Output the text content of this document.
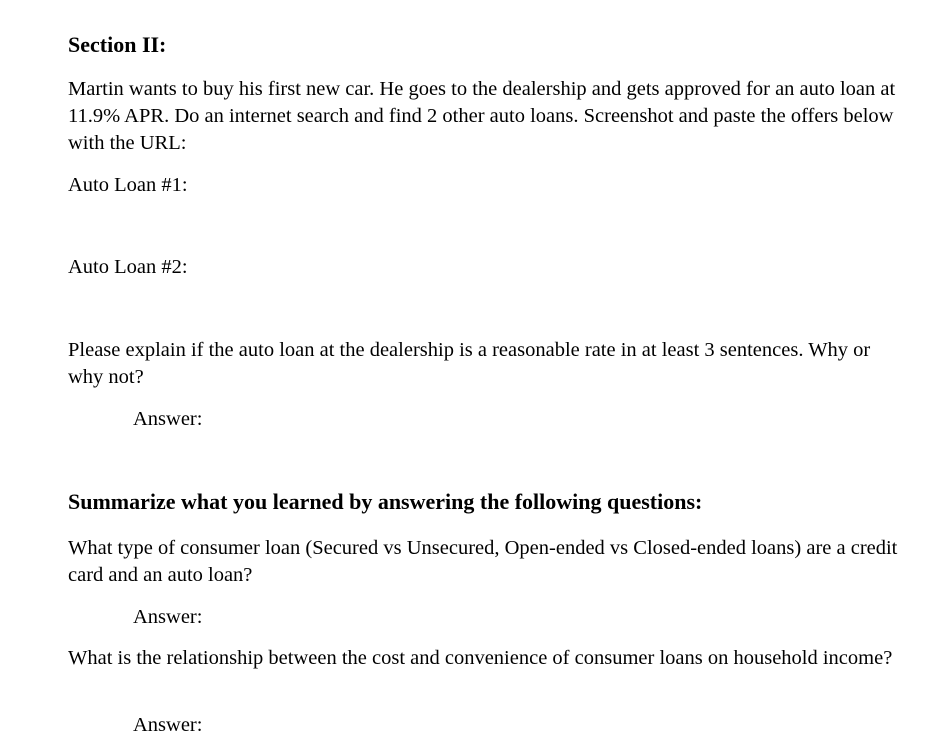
Section II:

Martin wants to buy his first new car. He goes to the dealership and gets approved for an auto loan at 11.9% APR. Do an internet search and find 2 other auto loans. Screenshot and paste the offers below with the URL:

Auto Loan #1:

Auto Loan #2:

Please explain if the auto loan at the dealership is a reasonable rate in at least 3 sentences. Why or why not?

Answer:

Summarize what you learned by answering the following questions:

What type of consumer loan (Secured vs Unsecured, Open-ended vs Closed-ended loans) are a credit card and an auto loan?

Answer:

What is the relationship between the cost and convenience of consumer loans on household income?

Answer:
